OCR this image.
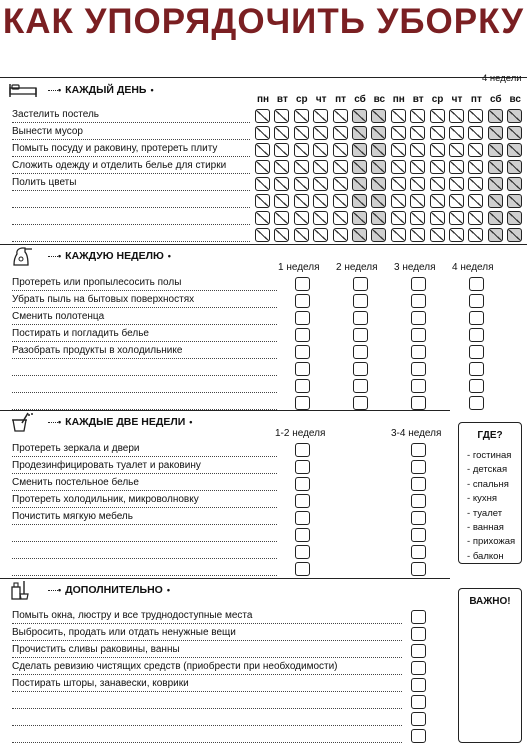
КАК УПОРЯДОЧИТЬ УБОРКУ
• КАЖДЫЙ ДЕНЬ •
4 недели
пн вт ср чт пт сб вс пн вт ср чт пт сб вс
Застелить постель
Вынести мусор
Помыть посуду и раковину, протереть плиту
Сложить одежду и отделить белье для стирки
Полить цветы
• КАЖДУЮ НЕДЕЛЮ •
1 неделя 2 неделя 3 неделя 4 неделя
Протереть или пропылесосить полы
Убрать пыль на бытовых поверхностях
Сменить полотенца
Постирать и погладить белье
Разобрать продукты в холодильнике
• КАЖДЫЕ ДВЕ НЕДЕЛИ •
1-2 неделя	3-4 неделя
Протереть зеркала и двери
Продезинфицировать туалет и раковину
Сменить постельное белье
Протереть холодильник, микроволновку
Почистить мягкую мебель
ГДЕ?
- гостиная
- детская
- спальня
- кухня
- туалет
- ванная
- прихожая
- балкон
• ДОПОЛНИТЕЛЬНО •
Помыть окна, люстру и все труднодоступные места
Выбросить, продать или отдать ненужные вещи
Прочистить сливы раковины, ванны
Сделать ревизию чистящих средств (приобрести при необходимости)
Постирать шторы, занавески, коврики
ВАЖНО!
